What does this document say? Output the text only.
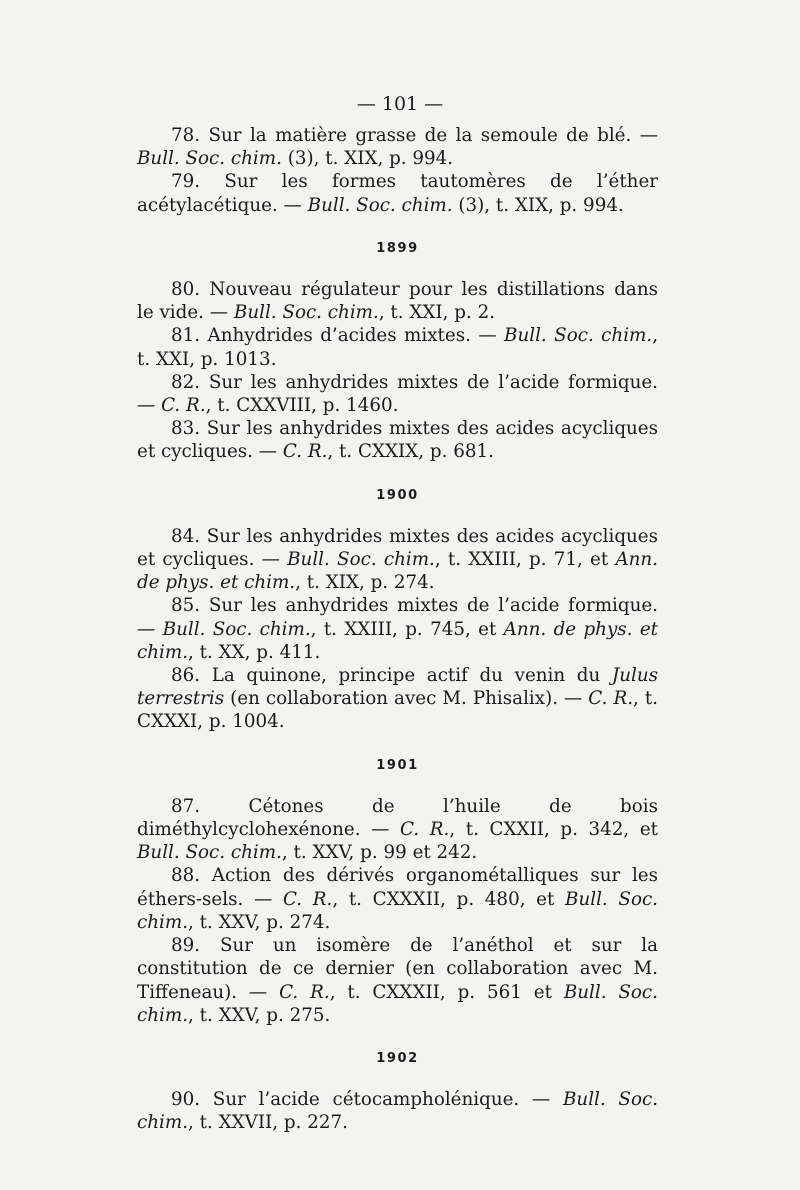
— 101 —

78. Sur la matière grasse de la semoule de blé. — Bull. Soc. chim. (3), t. XIX, p. 994.

79. Sur les formes tautomères de l’éther acétylacétique. — Bull. Soc. chim. (3), t. XIX, p. 994.

1899

80. Nouveau régulateur pour les distillations dans le vide. — Bull. Soc. chim., t. XXI, p. 2.

81. Anhydrides d’acides mixtes. — Bull. Soc. chim., t. XXI, p. 1013.

82. Sur les anhydrides mixtes de l’acide formique. — C. R., t. CXXVIII, p. 1460.

83. Sur les anhydrides mixtes des acides acycliques et cycliques. — C. R., t. CXXIX, p. 681.

1900

84. Sur les anhydrides mixtes des acides acycliques et cycliques. — Bull. Soc. chim., t. XXIII, p. 71, et Ann. de phys. et chim., t. XIX, p. 274.

85. Sur les anhydrides mixtes de l’acide formique. — Bull. Soc. chim., t. XXIII, p. 745, et Ann. de phys. et chim., t. XX, p. 411.

86. La quinone, principe actif du venin du Julus terrestris (en collaboration avec M. Phisalix). — C. R., t. CXXXI, p. 1004.

1901

87. Cétones de l’huile de bois diméthylcyclohexénone. — C. R., t. CXXII, p. 342, et Bull. Soc. chim., t. XXV, p. 99 et 242.

88. Action des dérivés organométalliques sur les éthers-sels. — C. R., t. CXXXII, p. 480, et Bull. Soc. chim., t. XXV, p. 274.

89. Sur un isomère de l’anéthol et sur la constitution de ce dernier (en collaboration avec M. Tiffeneau). — C. R., t. CXXXII, p. 561 et Bull. Soc. chim., t. XXV, p. 275.

1902

90. Sur l’acide cétocampholénique. — Bull. Soc. chim., t. XXVII, p. 227.
